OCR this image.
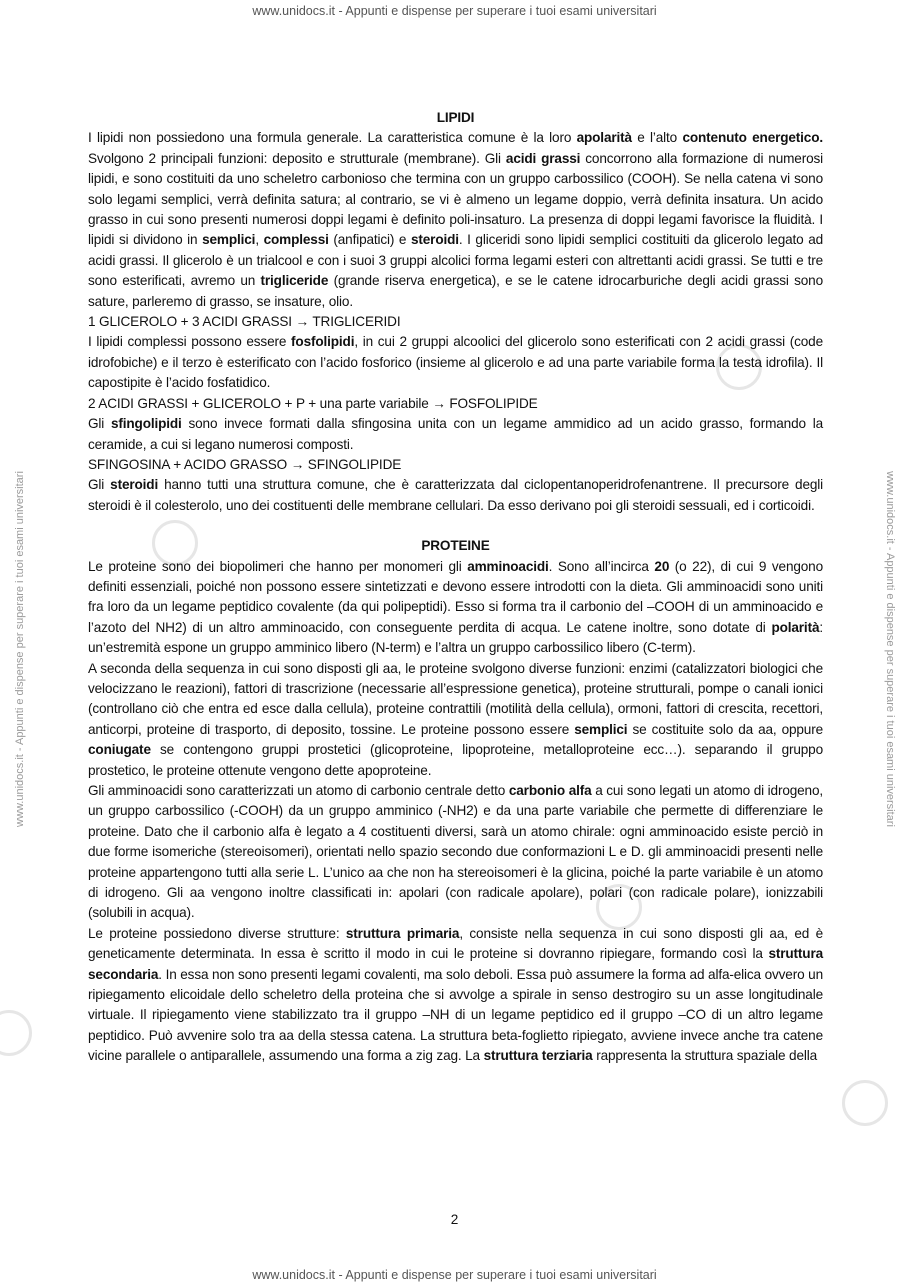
www.unidocs.it - Appunti e dispense per superare i tuoi esami universitari
www.unidocs.it - Appunti e dispense per superare i tuoi esami universitari
www.unidocs.it - Appunti e dispense per superare i tuoi esami universitari	www.unidocs.it - Appunti e dispense per superare i tuoi esami universitari
LIPIDI

I lipidi non possiedono una formula generale. La caratteristica comune è la loro apolarità e l’alto contenuto energetico. Svolgono 2 principali funzioni: deposito e strutturale (membrane). Gli acidi grassi concorrono alla formazione di numerosi lipidi, e sono costituiti da uno scheletro carbonioso che termina con un gruppo carbossilico (COOH). Se nella catena vi sono solo legami semplici, verrà definita satura; al contrario, se vi è almeno un legame doppio, verrà definita insatura. Un acido grasso in cui sono presenti numerosi doppi legami è definito poli-insaturo. La presenza di doppi legami favorisce la fluidità. I lipidi si dividono in semplici, complessi (anfipatici) e steroidi. I gliceridi sono lipidi semplici costituiti da glicerolo legato ad acidi grassi. Il glicerolo è un trialcool e con i suoi 3 gruppi alcolici forma legami esteri con altrettanti acidi grassi. Se tutti e tre sono esterificati, avremo un trigliceride (grande riserva energetica), e se le catene idrocarburiche degli acidi grassi sono sature, parleremo di grasso, se insature, olio.

1 GLICEROLO + 3 ACIDI GRASSI → TRIGLICERIDI

I lipidi complessi possono essere fosfolipidi, in cui 2 gruppi alcoolici del glicerolo sono esterificati con 2 acidi grassi (code idrofobiche) e il terzo è esterificato con l’acido fosforico (insieme al glicerolo e ad una parte variabile forma la testa idrofila). Il capostipite è l’acido fosfatidico.

2 ACIDI GRASSI + GLICEROLO + P + una parte variabile → FOSFOLIPIDE

Gli sfingolipidi sono invece formati dalla sfingosina unita con un legame ammidico ad un acido grasso, formando la ceramide, a cui si legano numerosi composti.

SFINGOSINA + ACIDO GRASSO → SFINGOLIPIDE

Gli steroidi hanno tutti una struttura comune, che è caratterizzata dal ciclopentanoperidrofenantrene. Il precursore degli steroidi è il colesterolo, uno dei costituenti delle membrane cellulari. Da esso derivano poi gli steroidi sessuali, ed i corticoidi.

PROTEINE

Le proteine sono dei biopolimeri che hanno per monomeri gli amminoacidi. Sono all’incirca 20 (o 22), di cui 9 vengono definiti essenziali, poiché non possono essere sintetizzati e devono essere introdotti con la dieta. Gli amminoacidi sono uniti fra loro da un legame peptidico covalente (da qui polipeptidi). Esso si forma tra il carbonio del –COOH di un amminoacido e l’azoto del NH2) di un altro amminoacido, con conseguente perdita di acqua. Le catene inoltre, sono dotate di polarità: un’estremità espone un gruppo amminico libero (N-term) e l’altra un gruppo carbossilico libero (C-term).

A seconda della sequenza in cui sono disposti gli aa, le proteine svolgono diverse funzioni: enzimi (catalizzatori biologici che velocizzano le reazioni), fattori di trascrizione (necessarie all’espressione genetica), proteine strutturali, pompe o canali ionici (controllano ciò che entra ed esce dalla cellula), proteine contrattili (motilità della cellula), ormoni, fattori di crescita, recettori, anticorpi, proteine di trasporto, di deposito, tossine. Le proteine possono essere semplici se costituite solo da aa, oppure coniugate se contengono gruppi prostetici (glicoproteine, lipoproteine, metalloproteine ecc…). separando il gruppo prostetico, le proteine ottenute vengono dette apoproteine.

Gli amminoacidi sono caratterizzati un atomo di carbonio centrale detto carbonio alfa a cui sono legati un atomo di idrogeno, un gruppo carbossilico (-COOH) da un gruppo amminico (-NH2) e da una parte variabile che permette di differenziare le proteine. Dato che il carbonio alfa è legato a 4 costituenti diversi, sarà un atomo chirale: ogni amminoacido esiste perciò in due forme isomeriche (stereoisomeri), orientati nello spazio secondo due conformazioni L e D. gli amminoacidi presenti nelle proteine appartengono tutti alla serie L. L’unico aa che non ha stereoisomeri è la glicina, poiché la parte variabile è un atomo di idrogeno. Gli aa vengono inoltre classificati in: apolari (con radicale apolare), polari (con radicale polare), ionizzabili (solubili in acqua).

Le proteine possiedono diverse strutture: struttura primaria, consiste nella sequenza in cui sono disposti gli aa, ed è geneticamente determinata. In essa è scritto il modo in cui le proteine si dovranno ripiegare, formando così la struttura secondaria. In essa non sono presenti legami covalenti, ma solo deboli. Essa può assumere la forma ad alfa-elica ovvero un ripiegamento elicoidale dello scheletro della proteina che si avvolge a spirale in senso destrogiro su un asse longitudinale virtuale. Il ripiegamento viene stabilizzato tra il gruppo –NH di un legame peptidico ed il gruppo –CO di un altro legame peptidico. Può avvenire solo tra aa della stessa catena. La struttura beta-foglietto ripiegato, avviene invece anche tra catene vicine parallele o antiparallele, assumendo una forma a zig zag. La struttura terziaria rappresenta la struttura spaziale della

2
